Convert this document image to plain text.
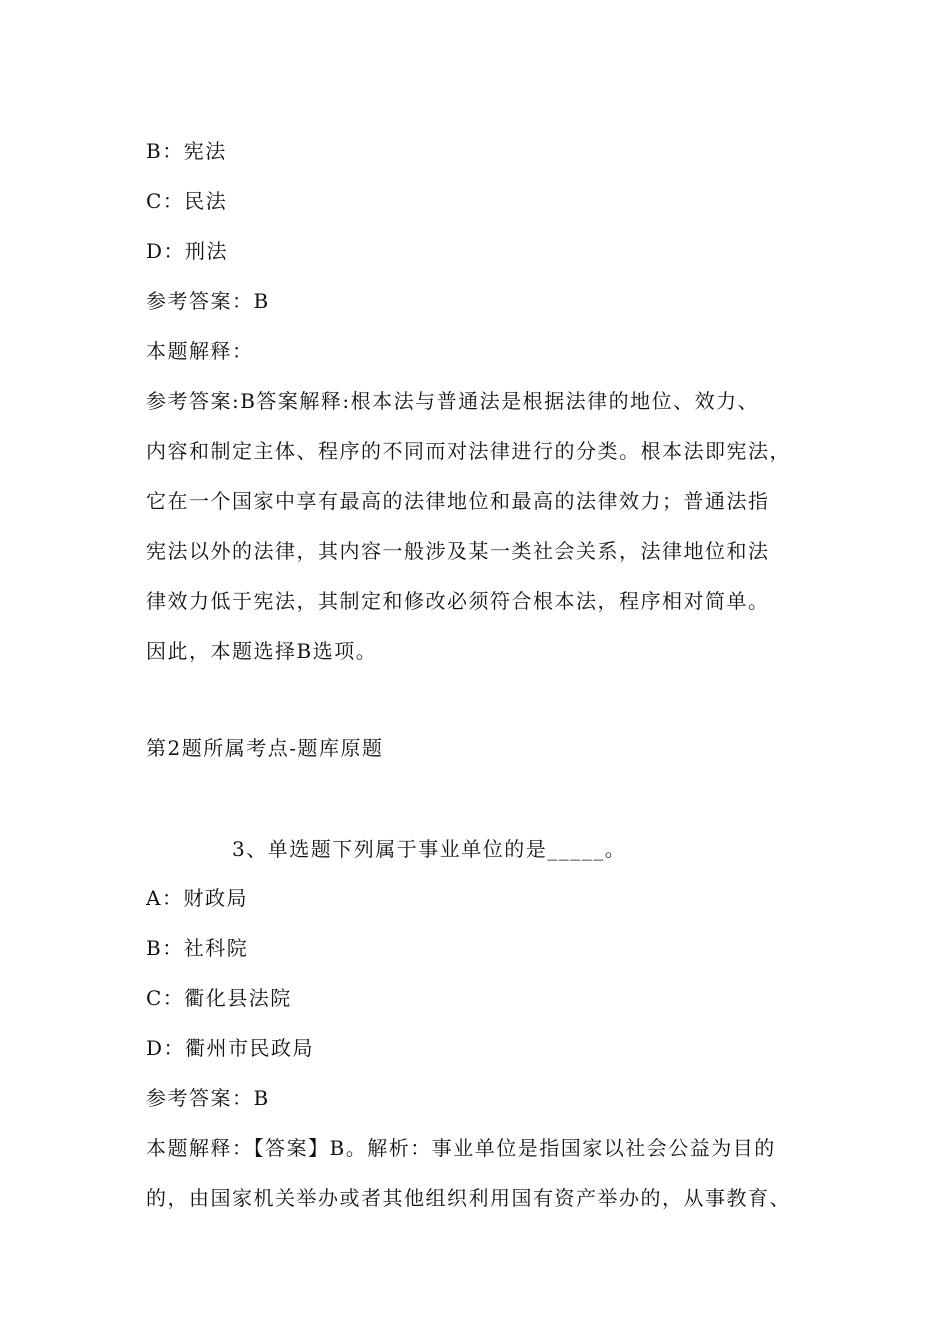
B：宪法
C：民法
D：刑法
参考答案：B
本题解释：
参考答案:B答案解释:根本法与普通法是根据法律的地位、效力、
内容和制定主体、程序的不同而对法律进行的分类。根本法即宪法，
它在一个国家中享有最高的法律地位和最高的法律效力；普通法指
宪法以外的法律，其内容一般涉及某一类社会关系，法律地位和法
律效力低于宪法，其制定和修改必须符合根本法，程序相对简单。
因此，本题选择B选项。
第2题所属考点-题库原题
3、单选题下列属于事业单位的是_____。
A：财政局
B：社科院
C：衢化县法院
D：衢州市民政局
参考答案：B
本题解释：【答案】B。解析：事业单位是指国家以社会公益为目的
的，由国家机关举办或者其他组织利用国有资产举办的，从事教育、
